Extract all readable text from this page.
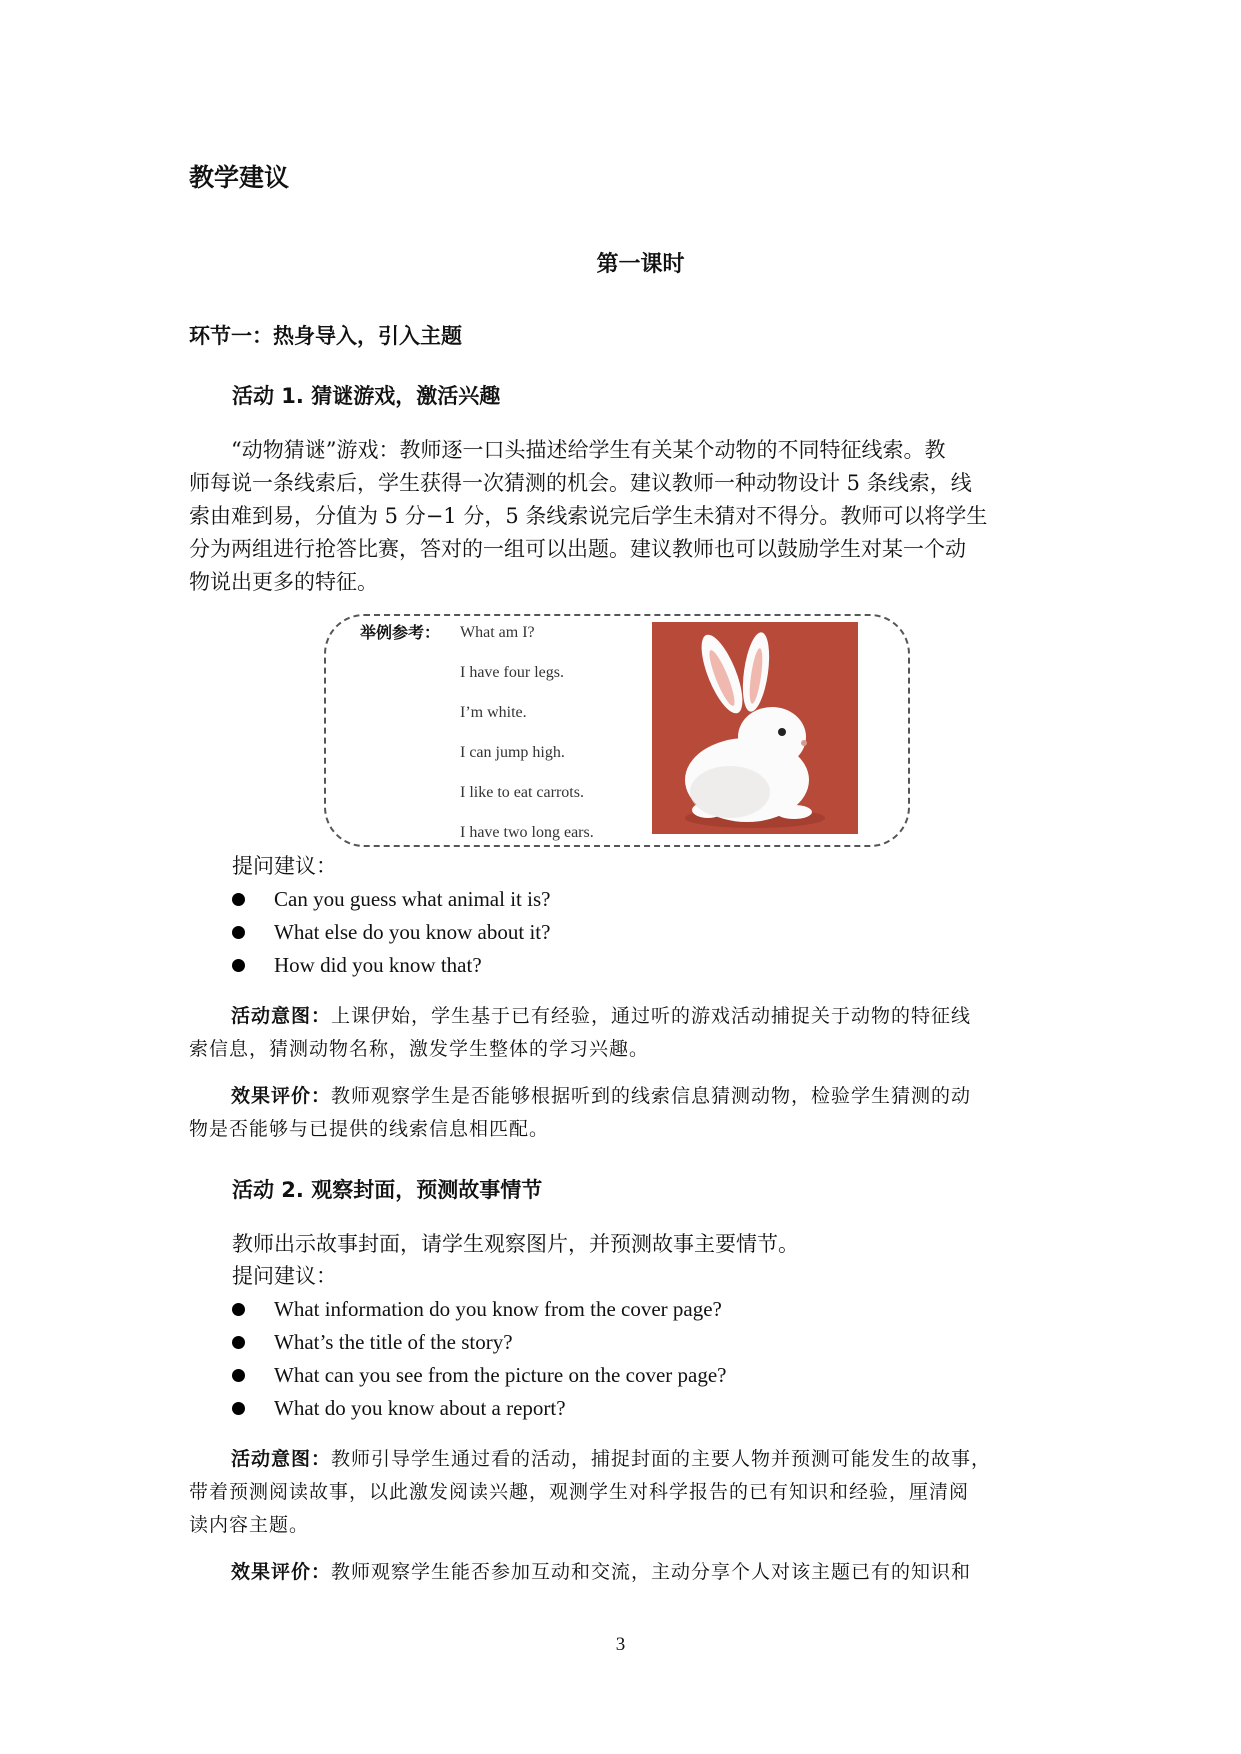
教学建议
第一课时
环节一：热身导入，引入主题
活动 1. 猜谜游戏，激活兴趣
“动物猜谜”游戏：教师逐一口头描述给学生有关某个动物的不同特征线索。教
师每说一条线索后，学生获得一次猜测的机会。建议教师一种动物设计 5 条线索，线
索由难到易，分值为 5 分−1 分，5 条线索说完后学生未猜对不得分。教师可以将学生
分为两组进行抢答比赛，答对的一组可以出题。建议教师也可以鼓励学生对某一个动
物说出更多的特征。
举例参考： What am I?
I have four legs.
I’m white.
I can jump high.
I like to eat carrots.
I have two long ears.
提问建议：
Can you guess what animal it is?
What else do you know about it?
How did you know that?
活动意图：上课伊始，学生基于已有经验，通过听的游戏活动捕捉关于动物的特征线
索信息，猜测动物名称，激发学生整体的学习兴趣。
效果评价：教师观察学生是否能够根据听到的线索信息猜测动物，检验学生猜测的动
物是否能够与已提供的线索信息相匹配。
活动 2. 观察封面，预测故事情节
教师出示故事封面，请学生观察图片，并预测故事主要情节。
提问建议：
What information do you know from the cover page?
What’s the title of the story?
What can you see from the picture on the cover page?
What do you know about a report?
活动意图：教师引导学生通过看的活动，捕捉封面的主要人物并预测可能发生的故事，
带着预测阅读故事，以此激发阅读兴趣，观测学生对科学报告的已有知识和经验，厘清阅
读内容主题。
效果评价：教师观察学生能否参加互动和交流，主动分享个人对该主题已有的知识和
3
